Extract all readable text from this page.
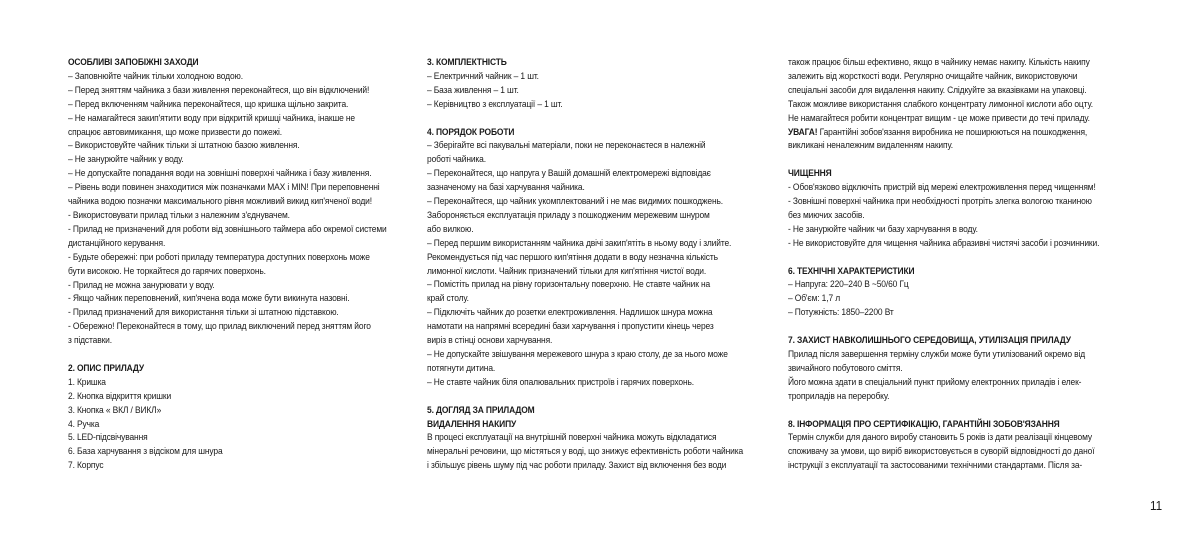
ОСОБЛИВІ ЗАПОБІЖНІ ЗАХОДИ

– Заповнюйте чайник тільки холодною водою.
– Перед зняттям чайника з бази живлення переконайтеся, що він відключений!
– Перед включенням чайника переконайтеся, що кришка щільно закрита.
– Не намагайтеся закип'ятити воду при відкритій кришці чайника, інакше не
спрацює автовимикання, що може призвести до пожежі.
– Використовуйте чайник тільки зі штатною базою живлення.
– Не занурюйте чайник у воду.
– Не допускайте попадання води на зовнішні поверхні чайника і базу живлення.
– Рівень води повинен знаходитися між позначками MAX і MIN! При переповненні
чайника водою позначки максимального рівня можливий викид кип'яченої води!
- Використовувати прилад тільки з належним з'єднувачем.
- Прилад не призначений для роботи від зовнішнього таймера або окремої системи
дистанційного керування.
- Будьте обережні: при роботі приладу температура доступних поверхонь може
бути високою. Не торкайтеся до гарячих поверхонь.
- Прилад не можна занурювати у воду.
- Якщо чайник переповнений, кип'ячена вода може бути викинута назовні.
- Прилад призначений для використання тільки зі штатною підставкою.
- Обережно! Переконайтеся в тому, що прилад виключений перед зняттям його
з підставки.

2. ОПИС ПРИЛАДУ

1. Кришка
2. Кнопка відкриття кришки
3. Кнопка « ВКЛ / ВИКЛ»
4. Ручка
5. LED-підсвічування
6. База харчування з відсіком для шнура
7. Корпус

3. КОМПЛЕКТНІСТЬ

– Електричний чайник – 1 шт.
– База живлення – 1 шт.
– Керівництво з експлуатації – 1 шт.

4. ПОРЯДОК РОБОТИ

– Зберігайте всі пакувальні матеріали, поки не переконаєтеся в належній
роботі чайника.
– Переконайтеся, що напруга у Вашій домашній електромережі відповідає
зазначеному на базі харчування чайника.
– Переконайтеся, що чайник укомплектований і не має видимих пошкоджень.
Забороняється експлуатація приладу з пошкодженим мережевим шнуром
або вилкою.
– Перед першим використанням чайника двічі закип'ятіть в ньому воду і злийте.
Рекомендується під час першого кип'ятіння додати в воду незначна кількість
лимонної кислоти. Чайник призначений тільки для кип'ятіння чистої води.
– Помістіть прилад на рівну горизонтальну поверхню. Не ставте чайник на
край столу.
– Підключіть чайник до розетки електроживлення. Надлишок шнура можна
намотати на напрямні всередині бази харчування і пропустити кінець через
виріз в стінці основи харчування.
– Не допускайте звішування мережевого шнура з краю столу, де за нього може
потягнути дитина.
– Не ставте чайник біля опалювальних пристроїв і гарячих поверхонь.

5. ДОГЛЯД ЗА ПРИЛАДОМ

ВИДАЛЕННЯ НАКИПУ

В процесі експлуатації на внутрішній поверхні чайника можуть відкладатися
мінеральні речовини, що містяться у воді, що знижує ефективність роботи чайника
і збільшує рівень шуму під час роботи приладу. Захист від включення без води
також працює більш ефективно, якщо в чайнику немає накипу. Кількість накипу
залежить від жорсткості води. Регулярно очищайте чайник, використовуючи
спеціальні засоби для видалення накипу. Слідкуйте за вказівками на упаковці.
Також можливе використання слабкого концентрату лимонної кислоти або оцту.
Не намагайтеся робити концентрат вищим - це може привести до течі приладу.
УВАГА! Гарантійні зобов'язання виробника не поширюються на пошкодження,
викликані неналежним видаленням накипу.

ЧИЩЕННЯ

- Обов'язково відключіть пристрій від мережі електроживлення перед чищенням!
- Зовнішні поверхні чайника при необхідності протріть злегка вологою тканиною
без миючих засобів.
- Не занурюйте чайник чи базу харчування в воду.
- Не використовуйте для чищення чайника абразивні чистячі засоби і розчинники.

6. ТЕХНІЧНІ ХАРАКТЕРИСТИКИ

– Напруга: 220–240 В ~50/60 Гц
– Об'єм: 1,7 л
– Потужність: 1850–2200 Вт

7. ЗАХИСТ НАВКОЛИШНЬОГО СЕРЕДОВИЩА, УТИЛІЗАЦІЯ ПРИЛАДУ

Прилад після завершення терміну служби може бути утилізований окремо від
звичайного побутового сміття.
Його можна здати в спеціальний пункт прийому електронних приладів і елек-
троприладів на переробку.

8. ІНФОРМАЦІЯ ПРО СЕРТИФІКАЦІЮ, ГАРАНТІЙНІ ЗОБОВ'ЯЗАННЯ

Термін служби для даного виробу становить 5 років із дати реалізації кінцевому
споживачу за умови, що виріб використовується в суворій відповідності до даної
інструкції з експлуатації та застосованими технічними стандартами. Після за-
11
